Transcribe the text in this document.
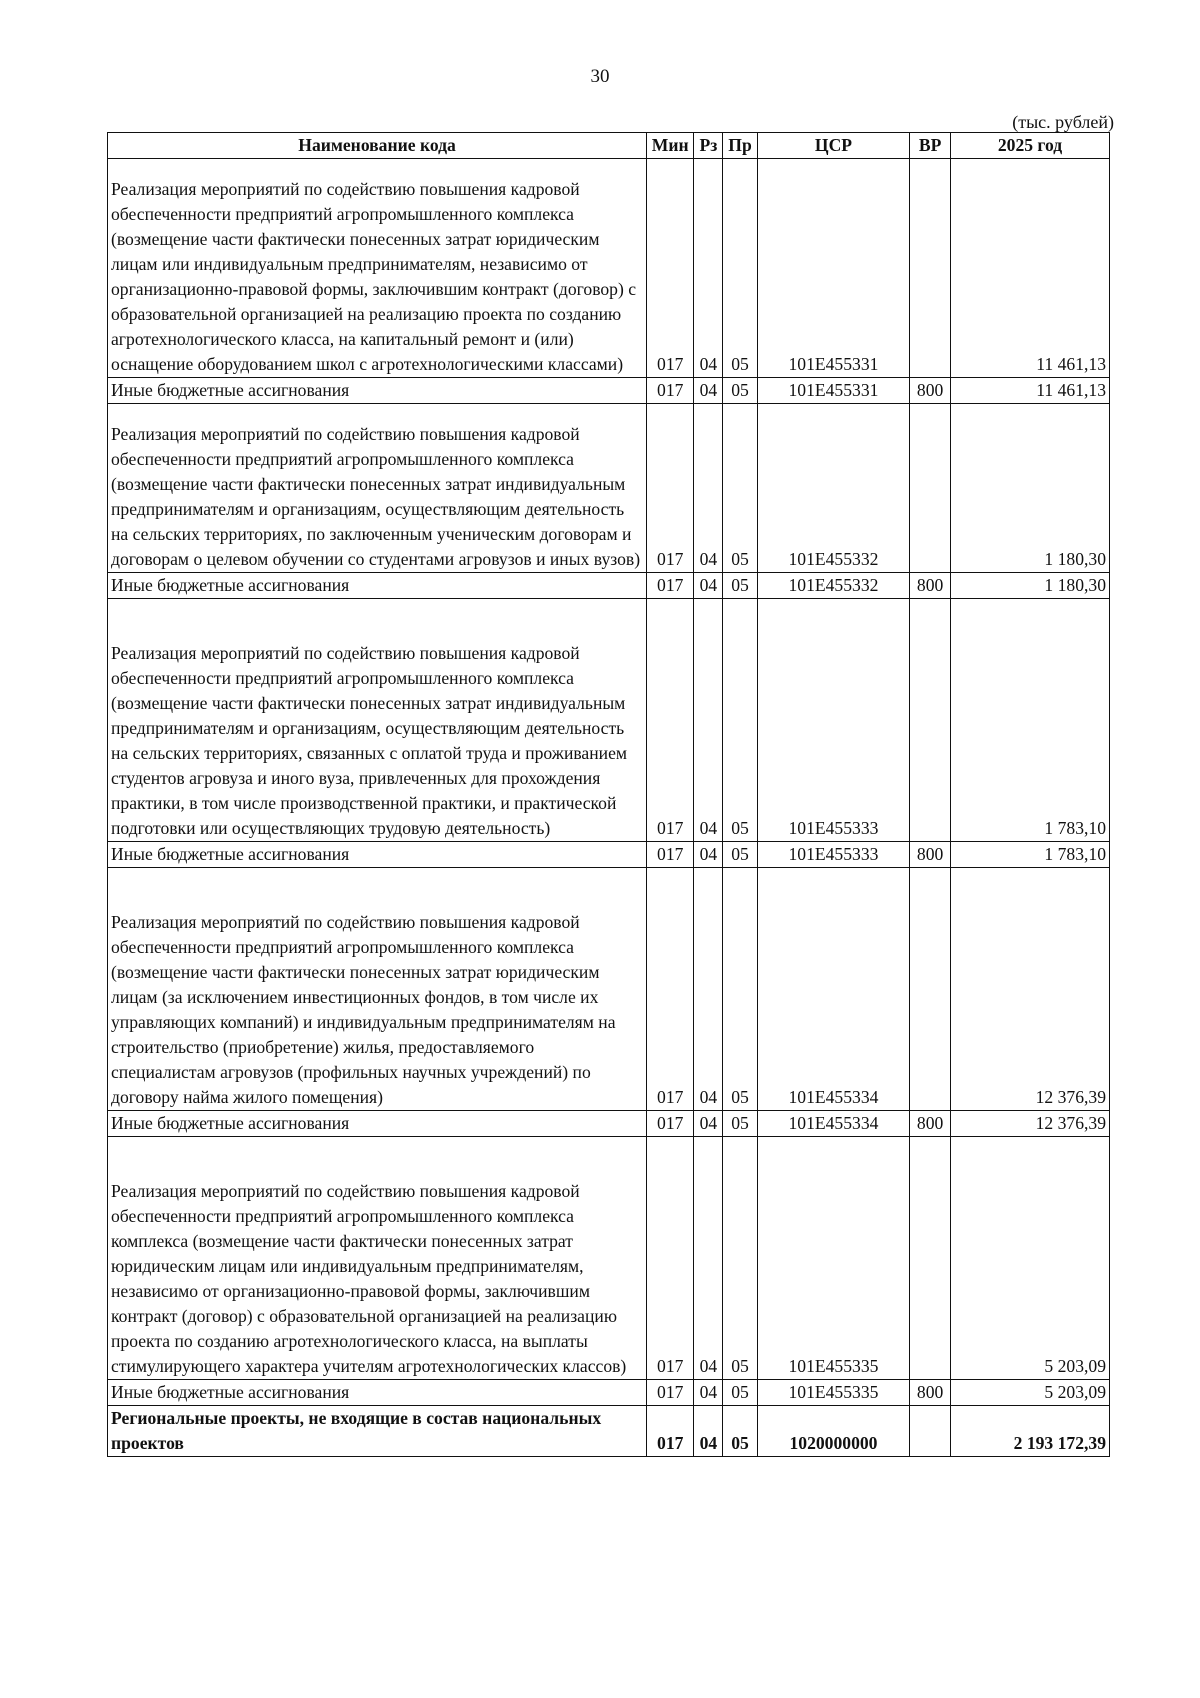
30
(тыс. рублей)
Наименование кода	Мин	Рз	Пр	ЦСР	ВР	2025 год
Реализация мероприятий по содействию повышения кадровой обеспеченности предприятий агропромышленного комплекса (возмещение части фактически понесенных затрат юридическим лицам или индивидуальным предпринимателям, независимо от организационно-правовой формы, заключившим контракт (договор) с образовательной организацией на реализацию проекта по созданию агротехнологического класса, на капитальный ремонт и (или) оснащение оборудованием школ с агротехнологическими классами)	017	04	05	101Е455331		11 461,13
Иные бюджетные ассигнования	017	04	05	101Е455331	800	11 461,13
Реализация мероприятий по содействию повышения кадровой обеспеченности предприятий агропромышленного комплекса (возмещение части фактически понесенных затрат индивидуальным предпринимателям и организациям, осуществляющим деятельность на сельских территориях, по заключенным ученическим договорам и договорам о целевом обучении со студентами агровузов и иных вузов)	017	04	05	101Е455332		1 180,30
Иные бюджетные ассигнования	017	04	05	101Е455332	800	1 180,30
Реализация мероприятий по содействию повышения кадровой обеспеченности предприятий агропромышленного комплекса (возмещение части фактически понесенных затрат индивидуальным предпринимателям и организациям, осуществляющим деятельность на сельских территориях, связанных с оплатой труда и проживанием студентов агровуза и иного вуза, привлеченных для прохождения практики, в том числе производственной практики, и практической подготовки или осуществляющих трудовую деятельность)	017	04	05	101Е455333		1 783,10
Иные бюджетные ассигнования	017	04	05	101Е455333	800	1 783,10
Реализация мероприятий по содействию повышения кадровой обеспеченности предприятий агропромышленного комплекса (возмещение части фактически понесенных затрат юридическим лицам (за исключением инвестиционных фондов, в том числе их управляющих компаний) и индивидуальным предпринимателям на строительство (приобретение) жилья, предоставляемого специалистам агровузов (профильных научных учреждений) по договору найма жилого помещения)	017	04	05	101Е455334		12 376,39
Иные бюджетные ассигнования	017	04	05	101Е455334	800	12 376,39
Реализация мероприятий по содействию повышения кадровой обеспеченности предприятий агропромышленного комплекса комплекса (возмещение части фактически понесенных затрат юридическим лицам или индивидуальным предпринимателям, независимо от организационно-правовой формы, заключившим контракт (договор) с образовательной организацией на реализацию проекта по созданию агротехнологического класса, на выплаты стимулирующего характера учителям агротехнологических классов)	017	04	05	101Е455335		5 203,09
Иные бюджетные ассигнования	017	04	05	101Е455335	800	5 203,09
Региональные проекты, не входящие в состав национальных проектов	017	04	05	1020000000		2 193 172,39
